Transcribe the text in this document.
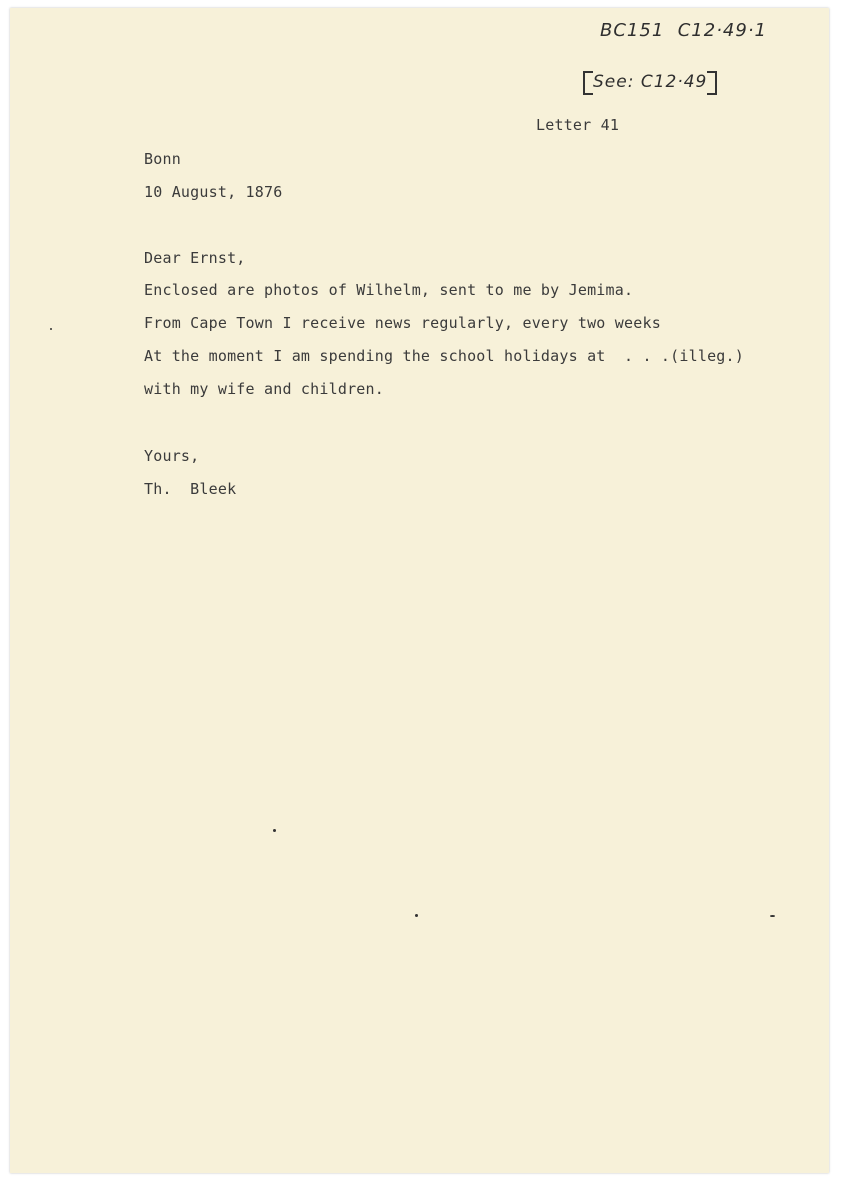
BC151  C12·49·1
See: C12·49
Letter 41
Bonn
10 August, 1876
Dear Ernst,
Enclosed are photos of Wilhelm, sent to me by Jemima.
From Cape Town I receive news regularly, every two weeks
At the moment I am spending the school holidays at  . . .(illeg.)
with my wife and children.
Yours,
Th.  Bleek
